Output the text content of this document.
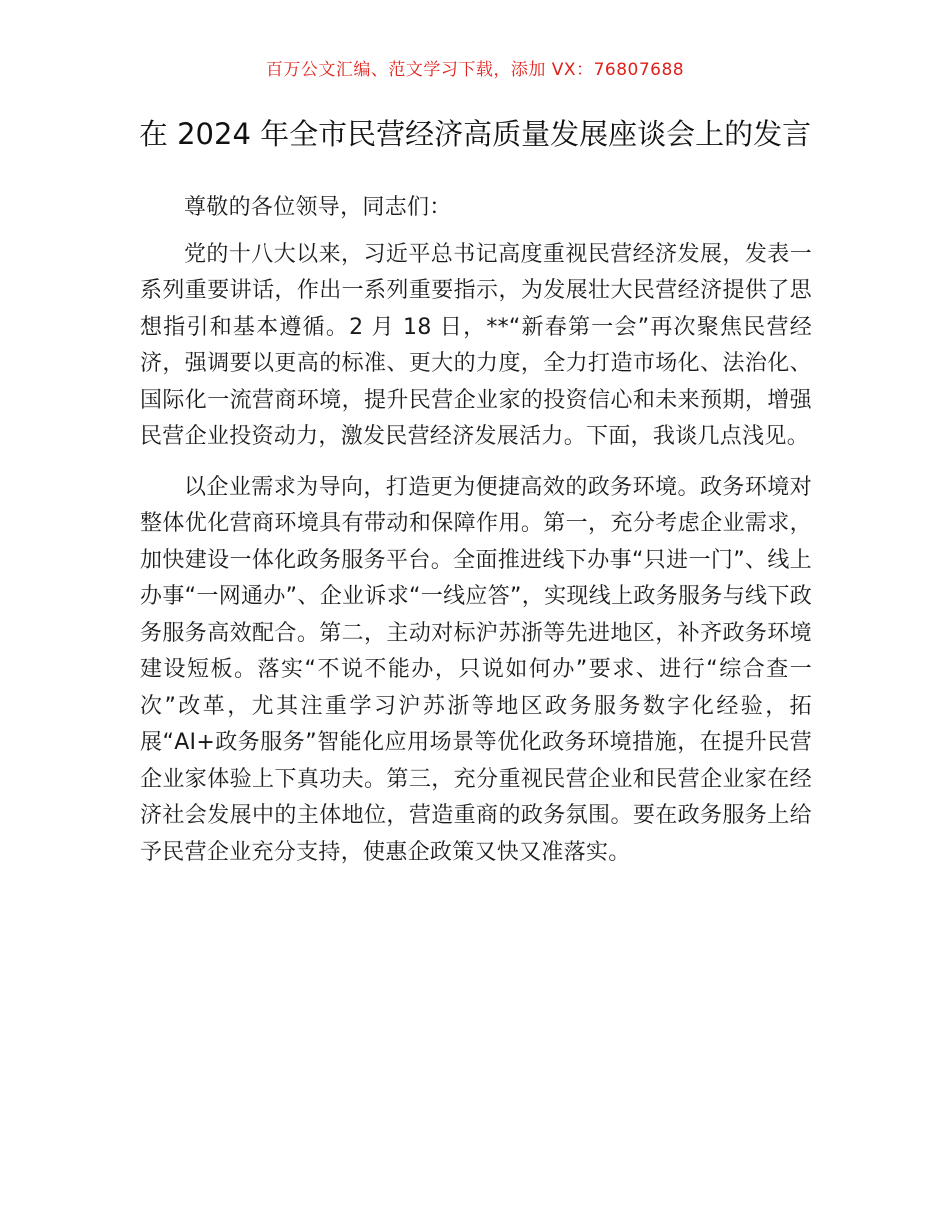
百万公文汇编、范文学习下载，添加 VX：76807688
在 2024 年全市民营经济高质量发展座谈会上的发言

尊敬的各位领导，同志们：

党的十八大以来，习近平总书记高度重视民营经济发展，发表一系列重要讲话，作出一系列重要指示，为发展壮大民营经济提供了思想指引和基本遵循。2 月 18 日，**“新春第一会”再次聚焦民营经济，强调要以更高的标准、更大的力度，全力打造市场化、法治化、国际化一流营商环境，提升民营企业家的投资信心和未来预期，增强民营企业投资动力，激发民营经济发展活力。下面，我谈几点浅见。

以企业需求为导向，打造更为便捷高效的政务环境。政务环境对整体优化营商环境具有带动和保障作用。第一，充分考虑企业需求，加快建设一体化政务服务平台。全面推进线下办事“只进一门”、线上办事“一网通办”、企业诉求“一线应答”，实现线上政务服务与线下政务服务高效配合。第二，主动对标沪苏浙等先进地区，补齐政务环境建设短板。落实“不说不能办，只说如何办”要求、进行“综合查一次”改革，尤其注重学习沪苏浙等地区政务服务数字化经验，拓展“AI+政务服务”智能化应用场景等优化政务环境措施，在提升民营企业家体验上下真功夫。第三，充分重视民营企业和民营企业家在经济社会发展中的主体地位，营造重商的政务氛围。要在政务服务上给予民营企业充分支持，使惠企政策又快又准落实。
